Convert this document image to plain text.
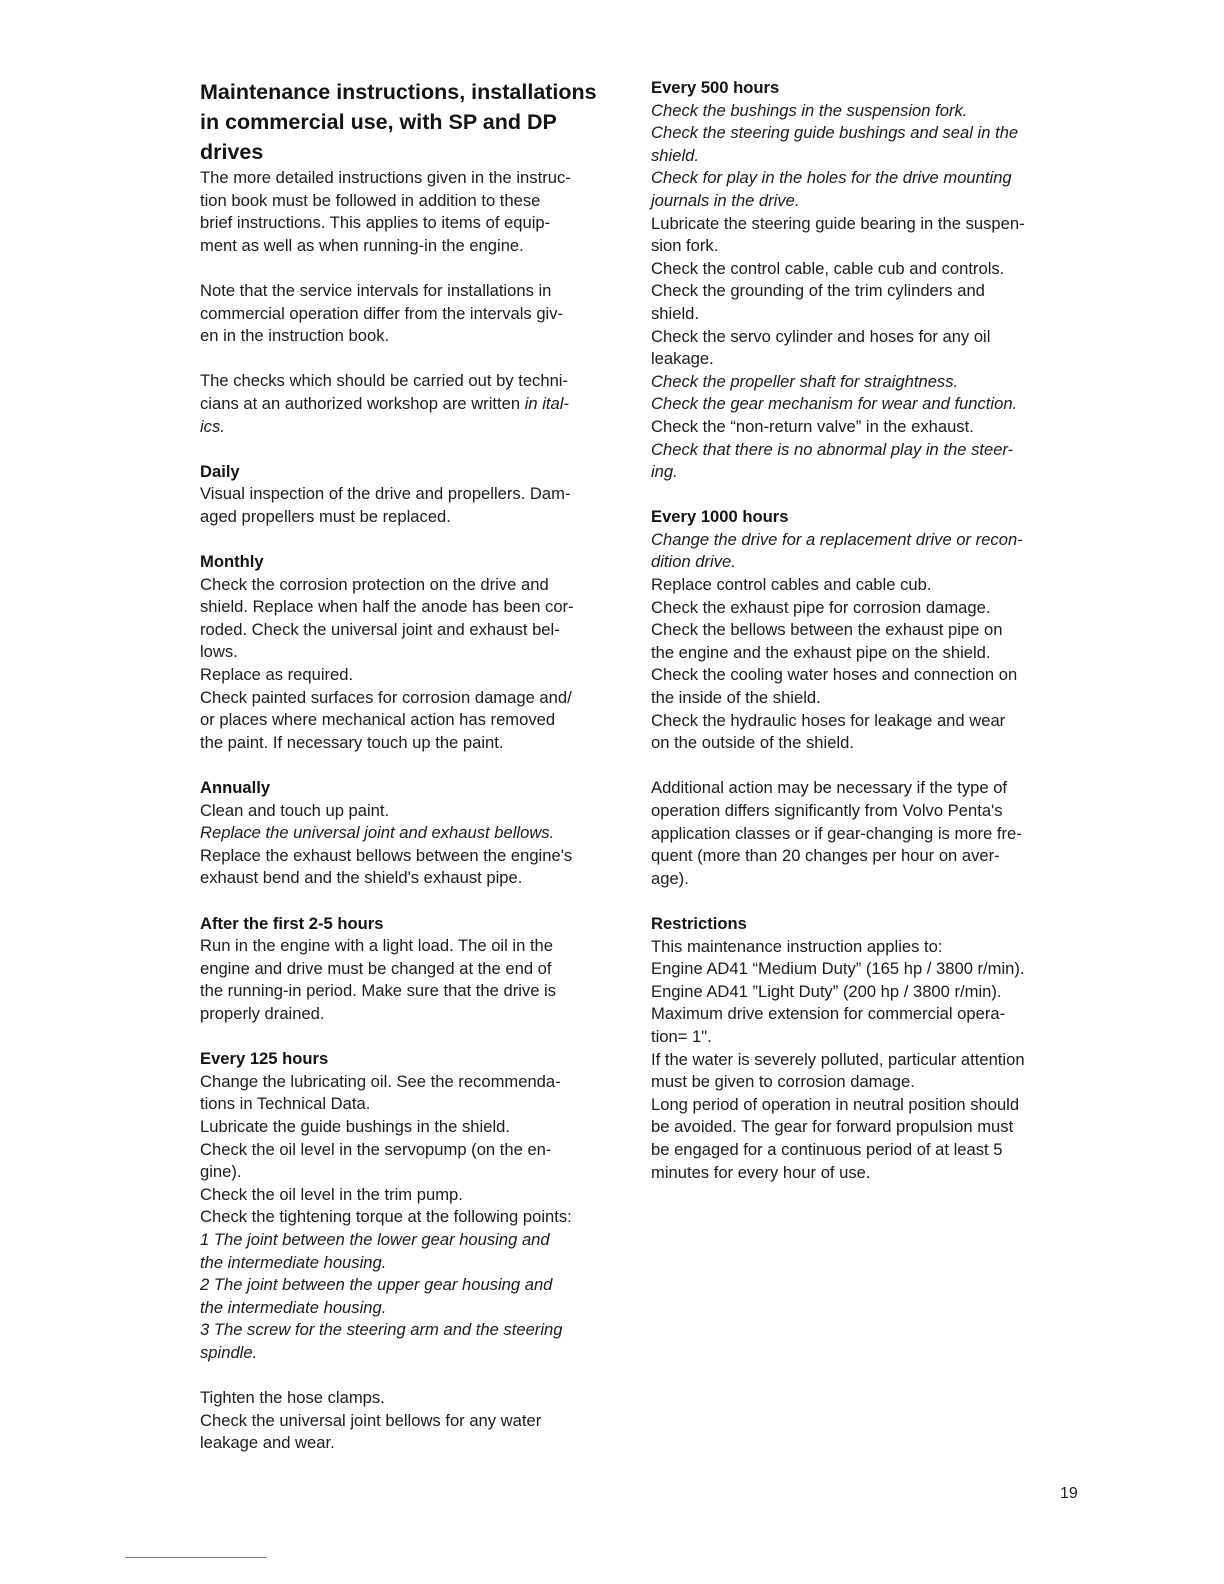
Maintenance instructions, installations
in commercial use, with SP and DP
drives

The more detailed instructions given in the instruc-
tion book must be followed in addition to these
brief instructions. This applies to items of equip-
ment as well as when running-in the engine.

Note that the service intervals for installations in
commercial operation differ from the intervals giv-
en in the instruction book.

The checks which should be carried out by techni-
cians at an authorized workshop are written in ital-
ics.

Daily

Visual inspection of the drive and propellers. Dam-
aged propellers must be replaced.

Monthly

Check the corrosion protection on the drive and
shield. Replace when half the anode has been cor-
roded. Check the universal joint and exhaust bel-
lows.
Replace as required.
Check painted surfaces for corrosion damage and/
or places where mechanical action has removed
the paint. If necessary touch up the paint.

Annually

Clean and touch up paint.
Replace the universal joint and exhaust bellows.
Replace the exhaust bellows between the engine's
exhaust bend and the shield's exhaust pipe.

After the first 2-5 hours

Run in the engine with a light load. The oil in the
engine and drive must be changed at the end of
the running-in period. Make sure that the drive is
properly drained.

Every 125 hours

Change the lubricating oil. See the recommenda-
tions in Technical Data.
Lubricate the guide bushings in the shield.
Check the oil level in the servopump (on the en-
gine).
Check the oil level in the trim pump.
Check the tightening torque at the following points:
1 The joint between the lower gear housing and
the intermediate housing.
2 The joint between the upper gear housing and
the intermediate housing.
3 The screw for the steering arm and the steering
spindle.

Tighten the hose clamps.
Check the universal joint bellows for any water
leakage and wear.

Every 500 hours

Check the bushings in the suspension fork.
Check the steering guide bushings and seal in the
shield.
Check for play in the holes for the drive mounting
journals in the drive.
Lubricate the steering guide bearing in the suspen-
sion fork.
Check the control cable, cable cub and controls.
Check the grounding of the trim cylinders and
shield.
Check the servo cylinder and hoses for any oil
leakage.
Check the propeller shaft for straightness.
Check the gear mechanism for wear and function.
Check the “non-return valve” in the exhaust.
Check that there is no abnormal play in the steer-
ing.

Every 1000 hours

Change the drive for a replacement drive or recon-
dition drive.
Replace control cables and cable cub.
Check the exhaust pipe for corrosion damage.
Check the bellows between the exhaust pipe on
the engine and the exhaust pipe on the shield.
Check the cooling water hoses and connection on
the inside of the shield.
Check the hydraulic hoses for leakage and wear
on the outside of the shield.

Additional action may be necessary if the type of
operation differs significantly from Volvo Penta's
application classes or if gear-changing is more fre-
quent (more than 20 changes per hour on aver-
age).

Restrictions

This maintenance instruction applies to:
Engine AD41 “Medium Duty” (165 hp / 3800 r/min).
Engine AD41 ”Light Duty” (200 hp / 3800 r/min).
Maximum drive extension for commercial opera-
tion= 1".
If the water is severely polluted, particular attention
must be given to corrosion damage.
Long period of operation in neutral position should
be avoided. The gear for forward propulsion must
be engaged for a continuous period of at least 5
minutes for every hour of use.

19
